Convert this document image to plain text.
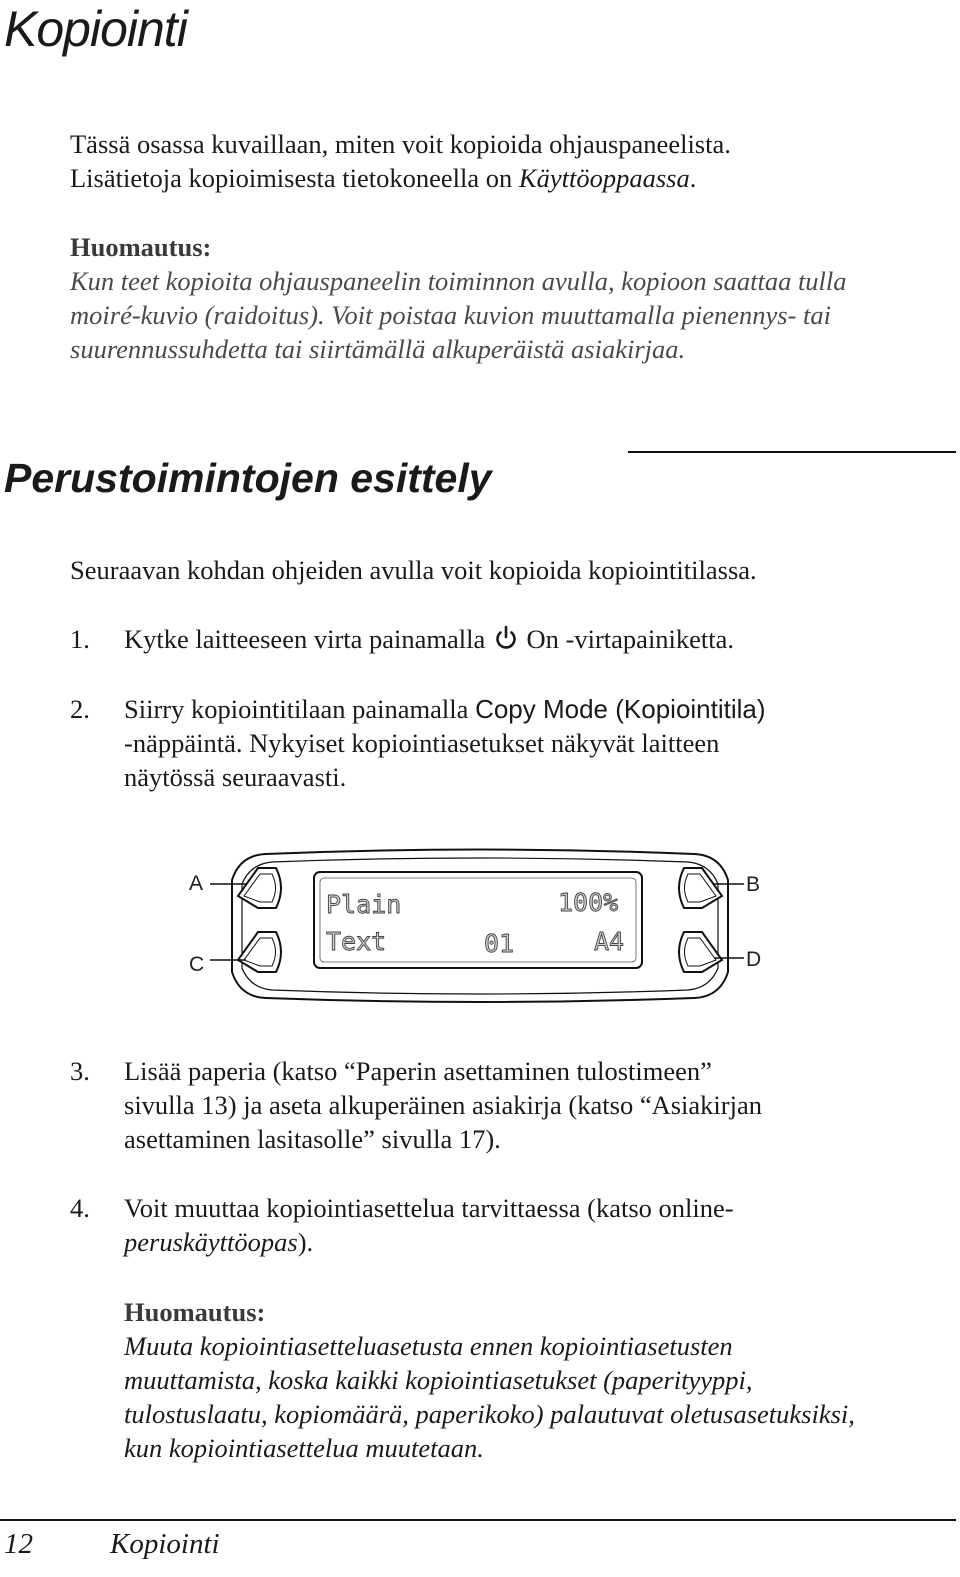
Kopiointi
Tässä osassa kuvaillaan, miten voit kopioida ohjauspaneelista.
Lisätietoja kopioimisesta tietokoneella on Käyttöoppaassa.
Huomautus:
Kun teet kopioita ohjauspaneelin toiminnon avulla, kopioon saattaa tulla
moiré-kuvio (raidoitus). Voit poistaa kuvion muuttamalla pienennys- tai
suurennussuhdetta tai siirtämällä alkuperäistä asiakirjaa.
Perustoimintojen esittely
Seuraavan kohdan ohjeiden avulla voit kopioida kopiointitilassa.
1. Kytke laitteeseen virta painamalla On -virtapainiketta.
2. Siirry kopiointitilaan painamalla Copy Mode (Kopiointitila)
-näppäintä. Nykyiset kopiointiasetukset näkyvät laitteen
näytössä seuraavasti.
Plain
Text
100%
01	A4
A
C
B
D
3. Lisää paperia (katso “Paperin asettaminen tulostimeen”
sivulla 13) ja aseta alkuperäinen asiakirja (katso “Asiakirjan
asettaminen lasitasolle” sivulla 17).
4. Voit muuttaa kopiointiasettelua tarvittaessa (katso online-
peruskäyttöopas).
Huomautus:
Muuta kopiointiasetteluasetusta ennen kopiointiasetusten
muuttamista, koska kaikki kopiointiasetukset (paperityyppi,
tulostuslaatu, kopiomäärä, paperikoko) palautuvat oletusasetuksiksi,
kun kopiointiasettelua muutetaan.
12	Kopiointi
